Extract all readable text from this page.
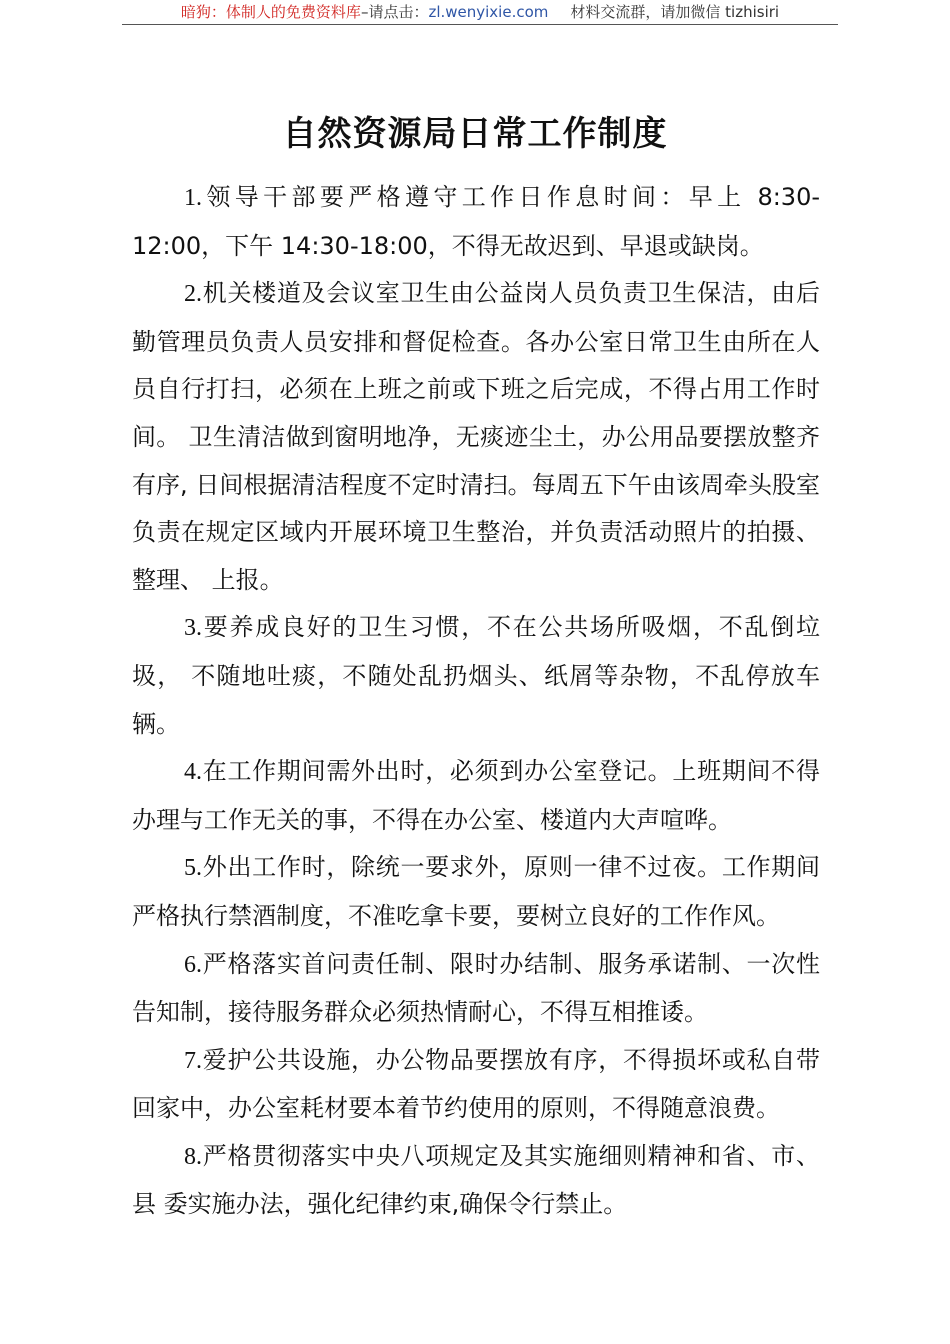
暗狗：体制人的免费资料库–请点击：zl.wenyixie.com 材料交流群，请加微信 tizhisiri
自然资源局日常工作制度

1.领导干部要严格遵守工作日作息时间：早上 8:30-12:00，下午 14:30-18:00，不得无故迟到、早退或缺岗。

2.机关楼道及会议室卫生由公益岗人员负责卫生保洁，由后勤管理员负责人员安排和督促检查。各办公室日常卫生由所在人员自行打扫，必须在上班之前或下班之后完成，不得占用工作时间。 卫生清洁做到窗明地净，无痰迹尘土，办公用品要摆放整齐有序, 日间根据清洁程度不定时清扫。每周五下午由该周牵头股室负责在规定区域内开展环境卫生整治，并负责活动照片的拍摄、整理、 上报。

3.要养成良好的卫生习惯，不在公共场所吸烟，不乱倒垃圾， 不随地吐痰，不随处乱扔烟头、纸屑等杂物，不乱停放车辆。

4.在工作期间需外出时，必须到办公室登记。上班期间不得办理与工作无关的事，不得在办公室、楼道内大声喧哗。

5.外出工作时，除统一要求外，原则一律不过夜。工作期间严格执行禁酒制度，不准吃拿卡要，要树立良好的工作作风。

6.严格落实首问责任制、限时办结制、服务承诺制、一次性告知制，接待服务群众必须热情耐心，不得互相推诿。

7.爱护公共设施，办公物品要摆放有序，不得损坏或私自带回家中，办公室耗材要本着节约使用的原则，不得随意浪费。

8.严格贯彻落实中央八项规定及其实施细则精神和省、市、县 委实施办法，强化纪律约束,确保令行禁止。
